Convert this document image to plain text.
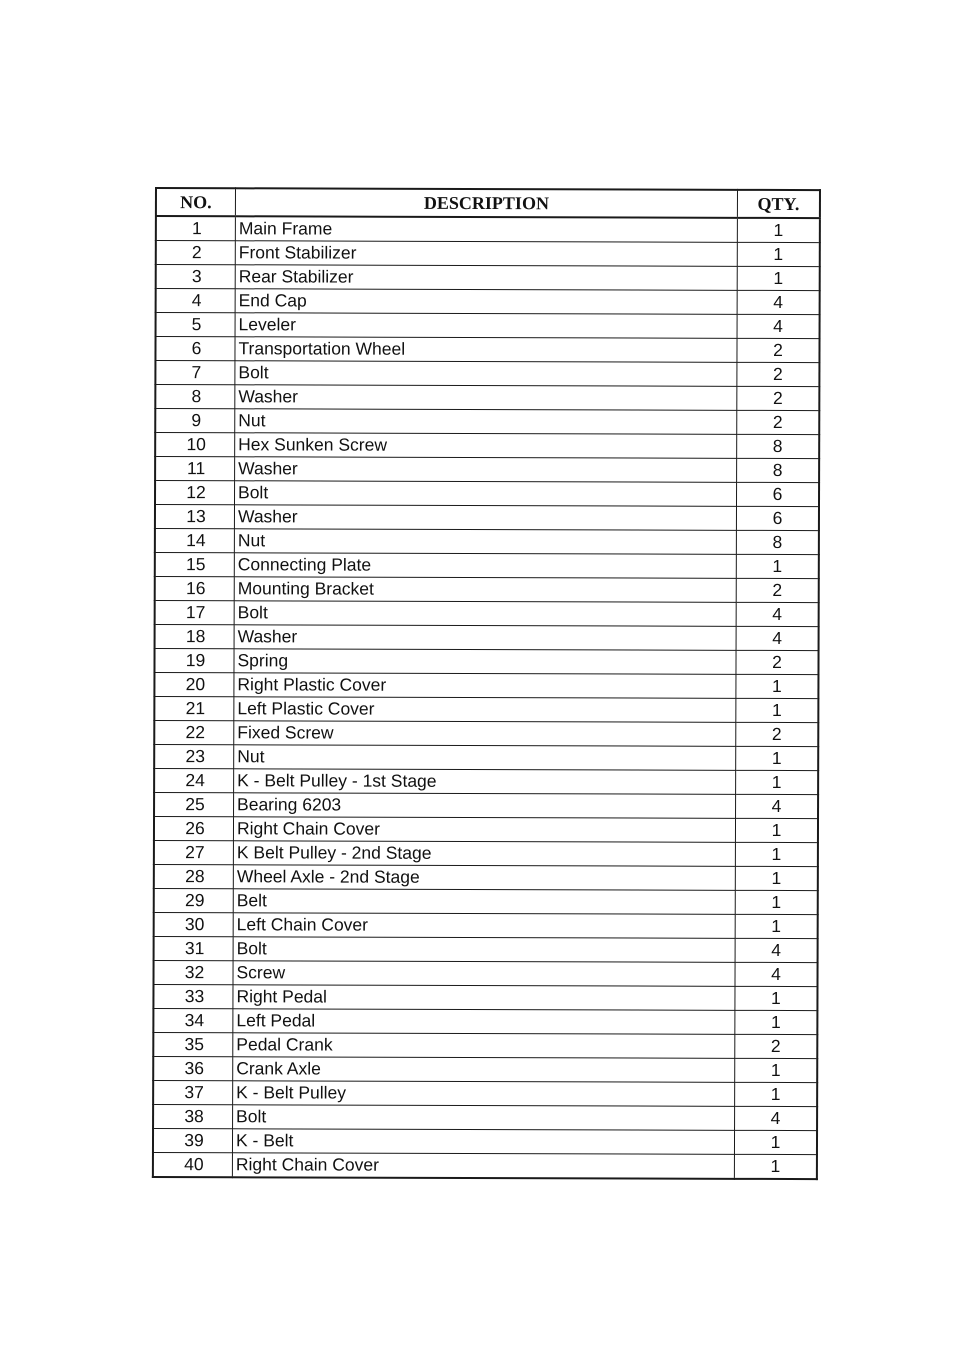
NO.	DESCRIPTION	QTY.
1	Main Frame	1
2	Front Stabilizer	1
3	Rear Stabilizer	1
4	End Cap	4
5	Leveler	4
6	Transportation Wheel	2
7	Bolt	2
8	Washer	2
9	Nut	2
10	Hex Sunken Screw	8
11	Washer	8
12	Bolt	6
13	Washer	6
14	Nut	8
15	Connecting Plate	1
16	Mounting Bracket	2
17	Bolt	4
18	Washer	4
19	Spring	2
20	Right Plastic Cover	1
21	Left Plastic Cover	1
22	Fixed Screw	2
23	Nut	1
24	K - Belt Pulley - 1st Stage	1
25	Bearing 6203	4
26	Right Chain Cover	1
27	K Belt Pulley - 2nd Stage	1
28	Wheel Axle - 2nd Stage	1
29	Belt	1
30	Left Chain Cover	1
31	Bolt	4
32	Screw	4
33	Right Pedal	1
34	Left Pedal	1
35	Pedal Crank	2
36	Crank Axle	1
37	K - Belt Pulley	1
38	Bolt	4
39	K - Belt	1
40	Right Chain Cover	1
